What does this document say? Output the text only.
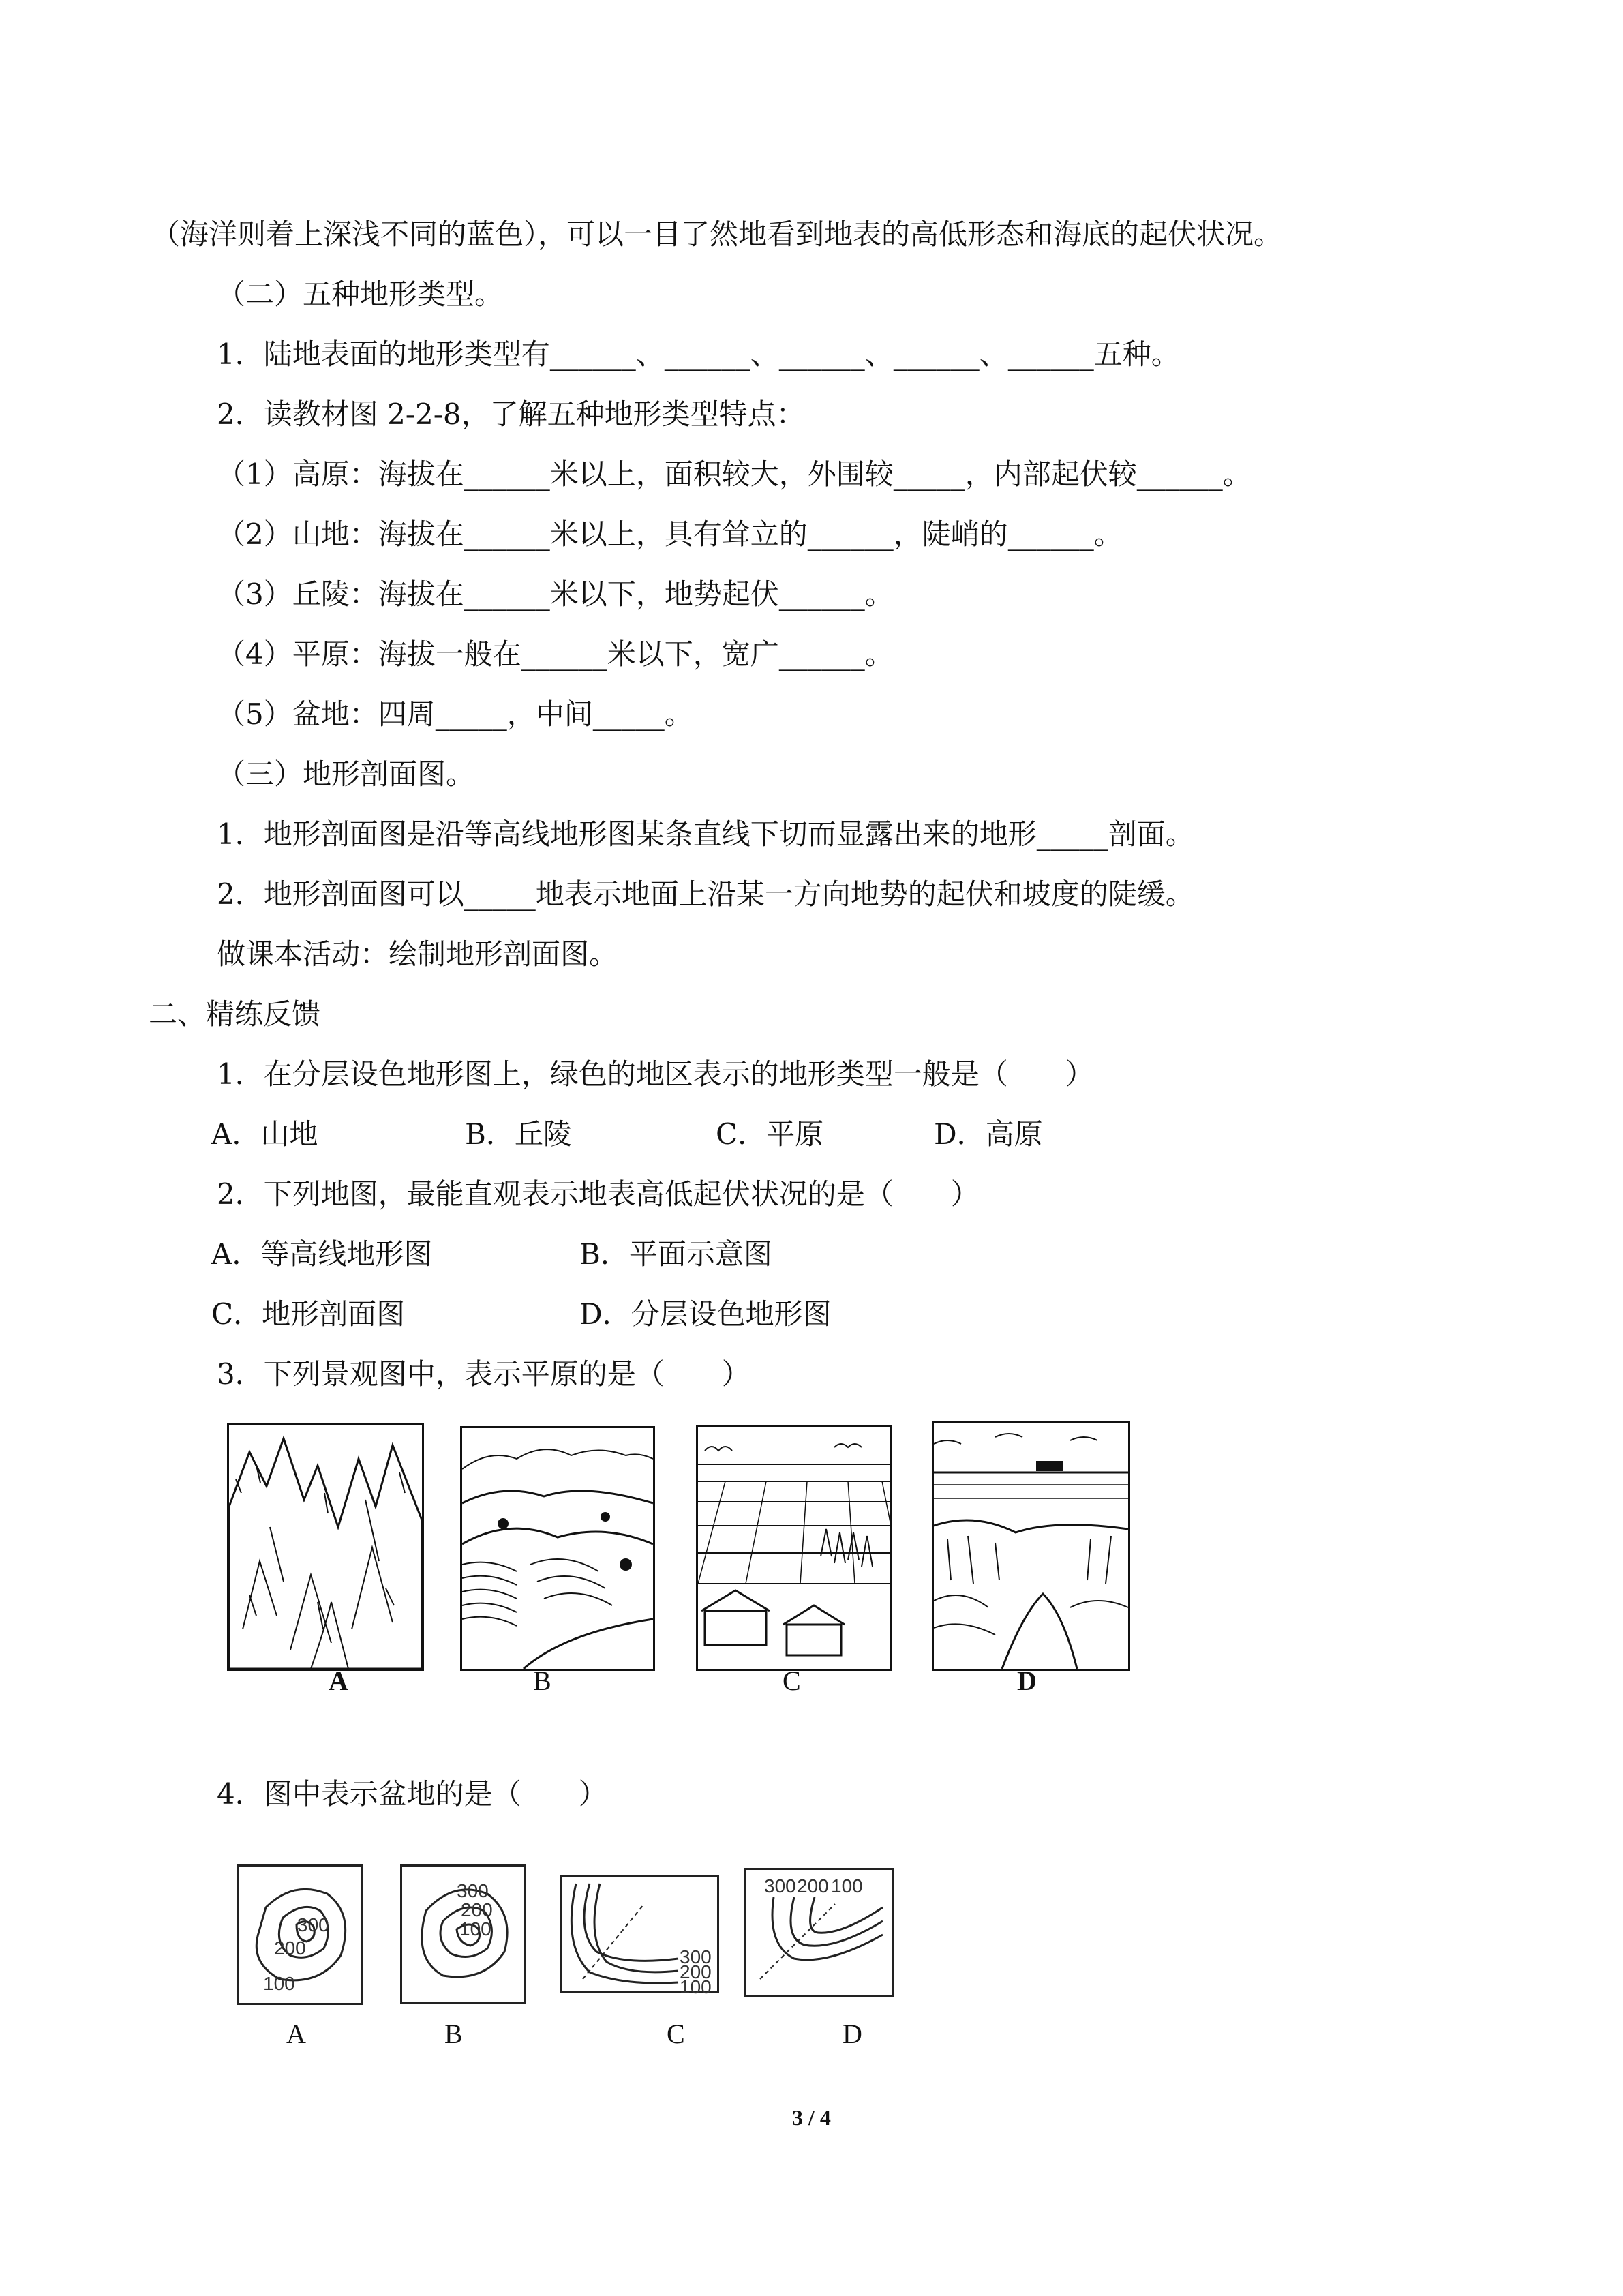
（海洋则着上深浅不同的蓝色），可以一目了然地看到地表的高低形态和海底的起伏状况。
（二）五种地形类型。
1．陆地表面的地形类型有______、______、______、______、______五种。
2．读教材图 2-2-8，了解五种地形类型特点：
（1）高原：海拔在______米以上，面积较大，外围较_____，内部起伏较______。
（2）山地：海拔在______米以上，具有耸立的______，陡峭的______。
（3）丘陵：海拔在______米以下，地势起伏______。
（4）平原：海拔一般在______米以下，宽广______。
（5）盆地：四周_____，中间_____。
（三）地形剖面图。
1．地形剖面图是沿等高线地形图某条直线下切而显露出来的地形_____剖面。
2．地形剖面图可以_____地表示地面上沿某一方向地势的起伏和坡度的陡缓。
做课本活动：绘制地形剖面图。
二、精练反馈
1．在分层设色地形图上，绿色的地区表示的地形类型一般是（　　）
A．山地	B．丘陵	C．平原	D．高原
2．下列地图，最能直观表示地表高低起伏状况的是（　　）
A．等高线地形图	B．平面示意图
C．地形剖面图	D．分层设色地形图
3．下列景观图中，表示平原的是（　　）
A	B	C	D
4．图中表示盆地的是（　　）
300
200
100
A
300
200
100
B
300
200
100
C
300 200 100
D
3 / 4
